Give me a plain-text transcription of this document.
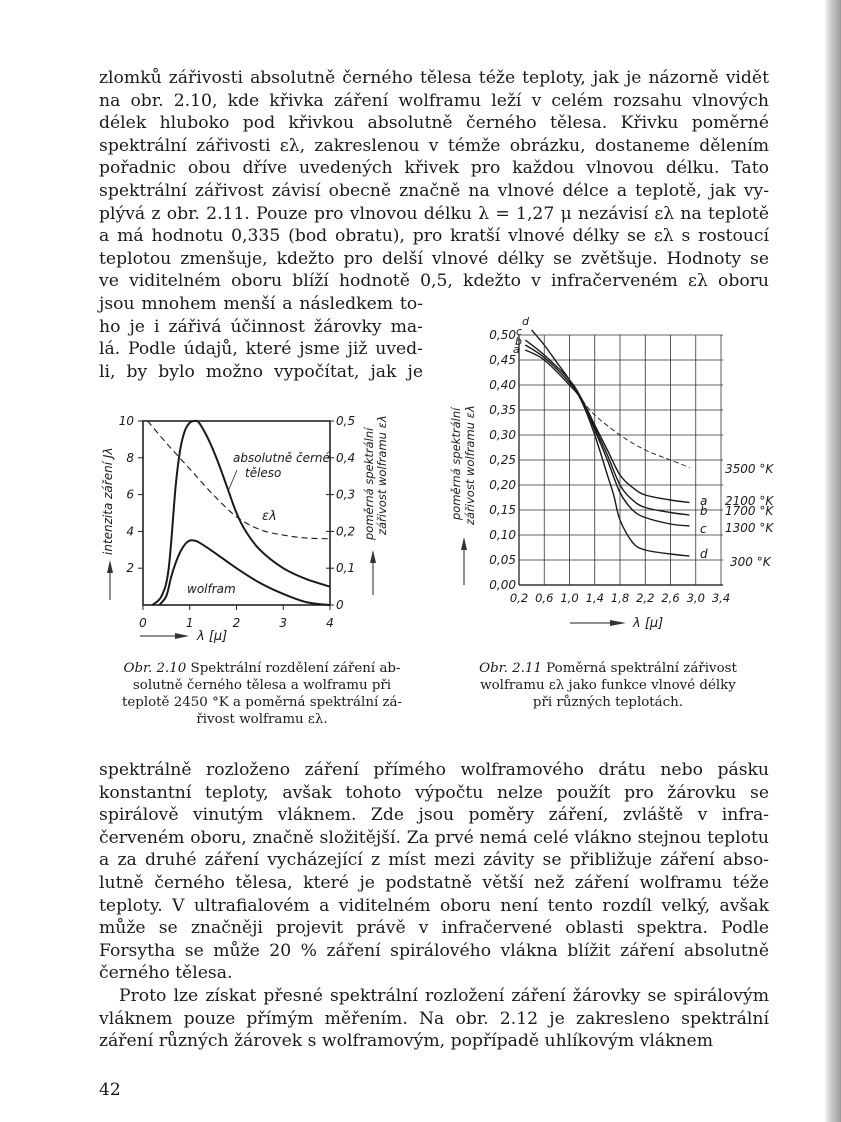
zlomků zářivosti absolutně černého tělesa téže teploty, jak je názorně vidět
na obr. 2.10, kde křivka záření wolframu leží v celém rozsahu vlnových
délek hluboko pod křivkou absolutně černého tělesa. Křivku poměrné
spektrální zářivosti ελ, zakreslenou v témže obrázku, dostaneme dělením
pořadnic obou dříve uvedených křivek pro každou vlnovou délku. Tato
spektrální zářivost závisí obecně značně na vlnové délce a teplotě, jak vy-
plývá z obr. 2.11. Pouze pro vlnovou délku λ = 1,27 μ nezávisí ελ na teplotě
a má hodnotu 0,335 (bod obratu), pro kratší vlnové délky se ελ s rostoucí
teplotou zmenšuje, kdežto pro delší vlnové délky se zvětšuje. Hodnoty se
ve viditelném oboru blíží hodnotě 0,5, kdežto v infračerveném ελ oboru
jsou mnohem menší a následkem to-
ho je i zářivá účinnost žárovky ma-
lá. Podle údajů, které jsme již uved-
li, by bylo možno vypočítat, jak je
0	1	2	3	4
2
4
6
8
10
0
0,1
0,2
0,3
0,4
0,5
absolutně černé
těleso
wolfram
ελ
λ [μ]
intenzita záření Jλ	poměrná spektrální zářivost wolframu ελ
0,2 0,6 1,0 1,4 1,8 2,2 2,6 3,0 3,4
0,00
0,05
0,10
0,15
0,20
0,25
0,30
0,35
0,40
0,45
0,50
a
a
b
b
c
c
d
d
3500 °K
2100 °K
1700 °K
1300 °K
300 °K
λ [μ]
poměrná spektrální zářivost wolframu ελ
Obr. 2.10 Spektrální rozdělení záření ab-
solutně černého tělesa a wolframu při
teplotě 2450 °K a poměrná spektrální zá-
řivost wolframu ελ.
Obr. 2.11 Poměrná spektrální zářivost
wolframu ελ jako funkce vlnové délky
při různých teplotách.
spektrálně rozloženo záření přímého wolframového drátu nebo pásku
konstantní teploty, avšak tohoto výpočtu nelze použít pro žárovku se
spirálově vinutým vláknem. Zde jsou poměry záření, zvláště v infra-
červeném oboru, značně složitější. Za prvé nemá celé vlákno stejnou teplotu
a za druhé záření vycházející z míst mezi závity se přibližuje záření abso-
lutně černého tělesa, které je podstatně větší než záření wolframu téže
teploty. V ultrafialovém a viditelném oboru není tento rozdíl velký, avšak
může se značněji projevit právě v infračervené oblasti spektra. Podle
Forsytha se může 20 % záření spirálového vlákna blížit záření absolutně
černého tělesa.
Proto lze získat přesné spektrální rozložení záření žárovky se spirálovým
vláknem pouze přímým měřením. Na obr. 2.12 je zakresleno spektrální
záření různých žárovek s wolframovým, popřípadě uhlíkovým vláknem
42
